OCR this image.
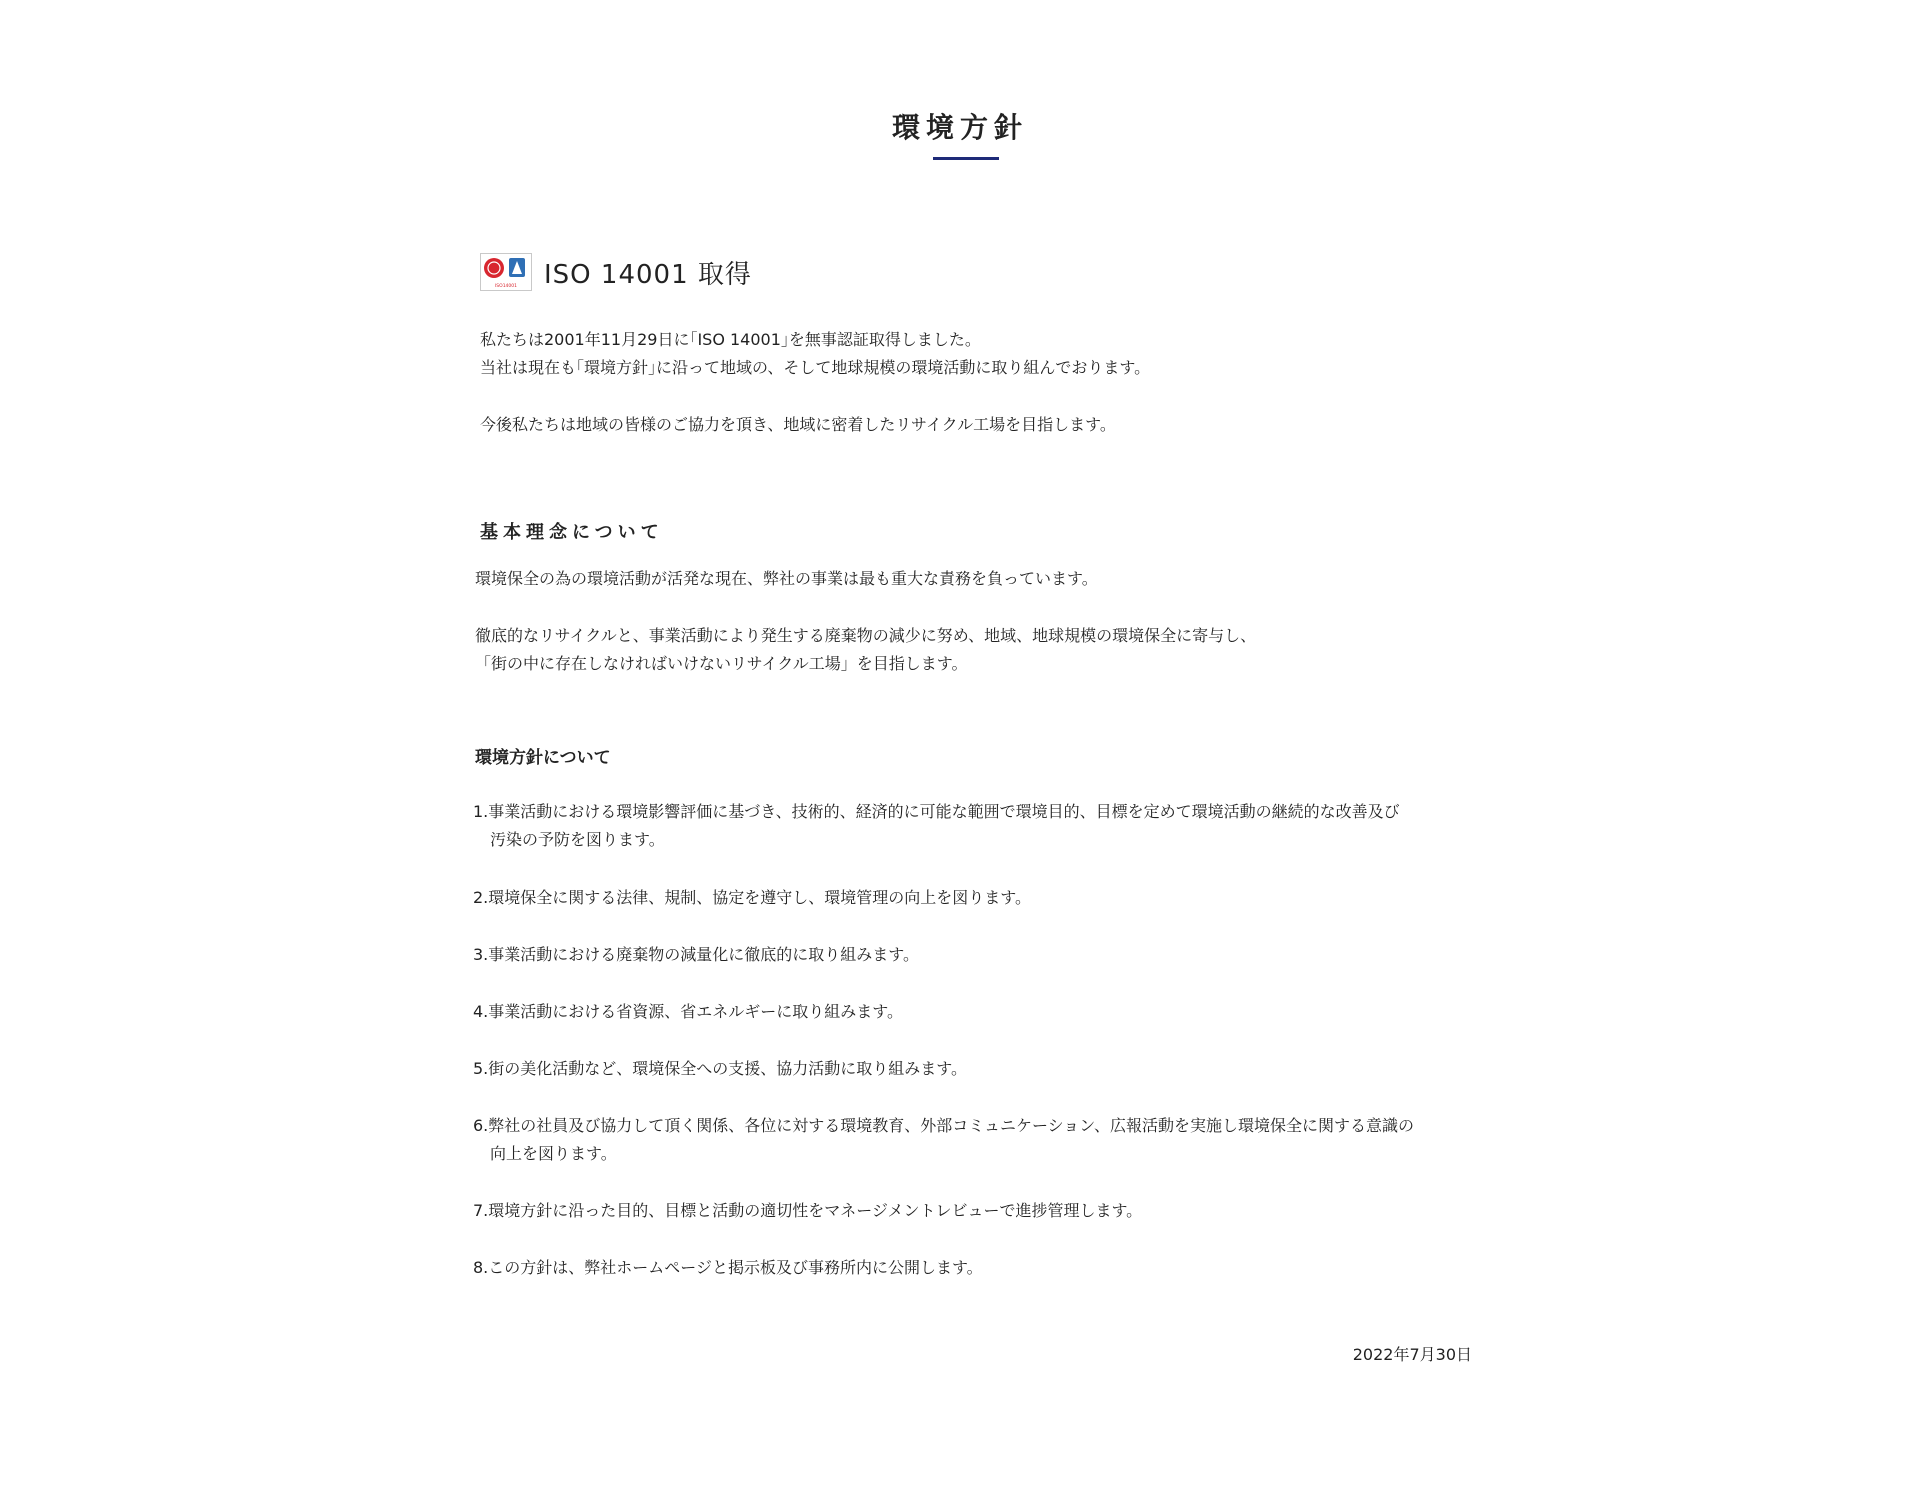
環境方針
ISO14001 ISO 14001 取得
私たちは2001年11月29日に｢ISO 14001｣を無事認証取得しました。
当社は現在も｢環境方針｣に沿って地域の、そして地球規模の環境活動に取り組んでおります。
今後私たちは地域の皆様のご協力を頂き、地域に密着したリサイクル工場を目指します。
基本理念について
環境保全の為の環境活動が活発な現在、弊社の事業は最も重大な責務を負っています。
徹底的なリサイクルと、事業活動により発生する廃棄物の減少に努め、地域、地球規模の環境保全に寄与し、
「街の中に存在しなければいけないリサイクル工場」を目指します。
環境方針について
1.事業活動における環境影響評価に基づき、技術的、経済的に可能な範囲で環境目的、目標を定めて環境活動の継続的な改善及び
汚染の予防を図ります。
2.環境保全に関する法律、規制、協定を遵守し、環境管理の向上を図ります。
3.事業活動における廃棄物の減量化に徹底的に取り組みます。
4.事業活動における省資源、省エネルギーに取り組みます。
5.街の美化活動など、環境保全への支援、協力活動に取り組みます。
6.弊社の社員及び協力して頂く関係、各位に対する環境教育、外部コミュニケーション、広報活動を実施し環境保全に関する意識の
向上を図ります。
7.環境方針に沿った目的、目標と活動の適切性をマネージメントレビューで進捗管理します。
8.この方針は、弊社ホームページと掲示板及び事務所内に公開します。
2022年7月30日
